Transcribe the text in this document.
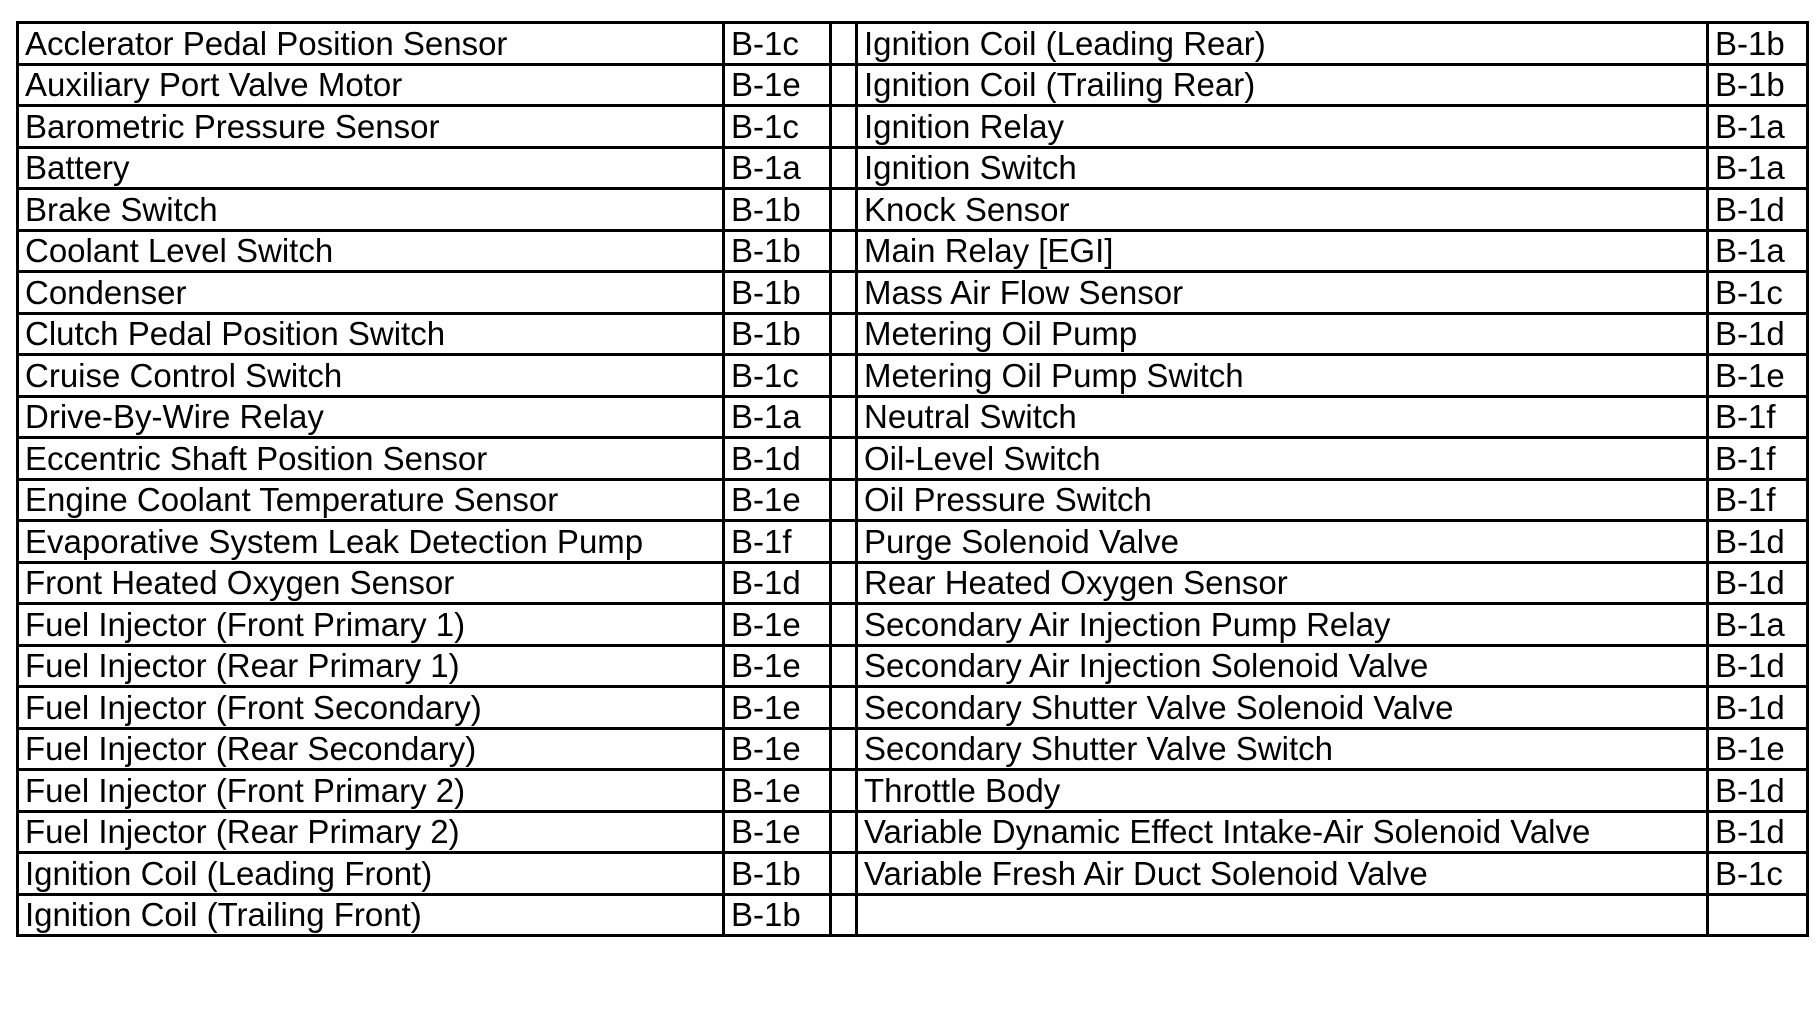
Acclerator Pedal Position Sensor	B-1c		Ignition Coil (Leading Rear)	B-1b
Auxiliary Port Valve Motor	B-1e		Ignition Coil (Trailing Rear)	B-1b
Barometric Pressure Sensor	B-1c		Ignition Relay	B-1a
Battery	B-1a		Ignition Switch	B-1a
Brake Switch	B-1b		Knock Sensor	B-1d
Coolant Level Switch	B-1b		Main Relay [EGI]	B-1a
Condenser	B-1b		Mass Air Flow Sensor	B-1c
Clutch Pedal Position Switch	B-1b		Metering Oil Pump	B-1d
Cruise Control Switch	B-1c		Metering Oil Pump Switch	B-1e
Drive-By-Wire Relay	B-1a		Neutral Switch	B-1f
Eccentric Shaft Position Sensor	B-1d		Oil-Level Switch	B-1f
Engine Coolant Temperature Sensor	B-1e		Oil Pressure Switch	B-1f
Evaporative System Leak Detection Pump	B-1f		Purge Solenoid Valve	B-1d
Front Heated Oxygen Sensor	B-1d		Rear Heated Oxygen Sensor	B-1d
Fuel Injector (Front Primary 1)	B-1e		Secondary Air Injection Pump Relay	B-1a
Fuel Injector (Rear Primary 1)	B-1e		Secondary Air Injection Solenoid Valve	B-1d
Fuel Injector (Front Secondary)	B-1e		Secondary Shutter Valve Solenoid Valve	B-1d
Fuel Injector (Rear Secondary)	B-1e		Secondary Shutter Valve Switch	B-1e
Fuel Injector (Front Primary 2)	B-1e		Throttle Body	B-1d
Fuel Injector (Rear Primary 2)	B-1e		Variable Dynamic Effect Intake-Air Solenoid Valve	B-1d
Ignition Coil (Leading Front)	B-1b		Variable Fresh Air Duct Solenoid Valve	B-1c
Ignition Coil (Trailing Front)	B-1b			
